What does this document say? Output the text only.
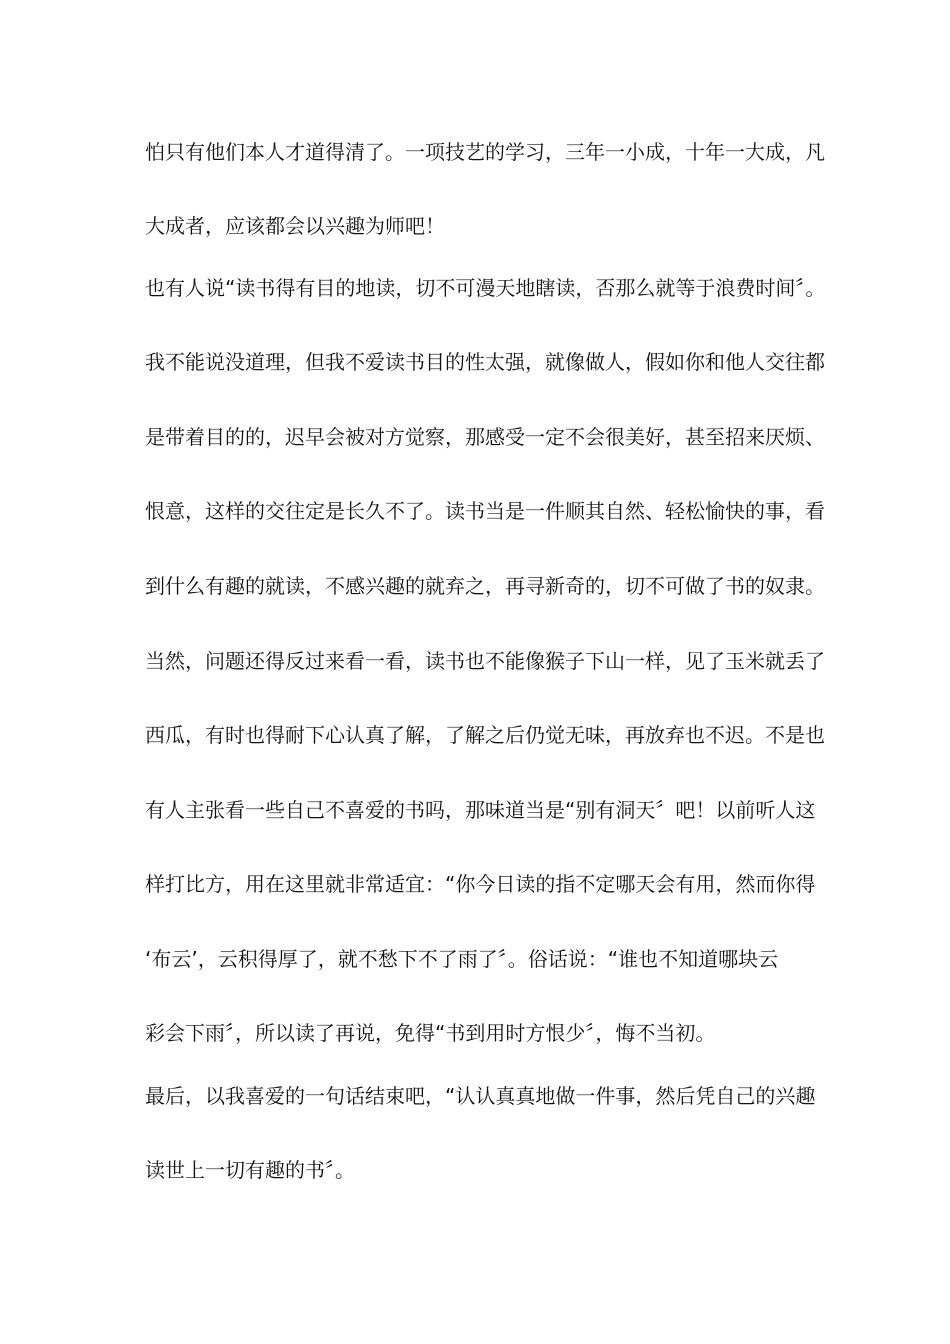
怕只有他们本人才道得清了。一项技艺的学习，三年一小成，十年一大成，凡
大成者，应该都会以兴趣为师吧！
也有人说“读书得有目的地读，切不可漫天地瞎读，否那么就等于浪费时间〞。
我不能说没道理，但我不爱读书目的性太强，就像做人，假如你和他人交往都
是带着目的的，迟早会被对方觉察，那感受一定不会很美好，甚至招来厌烦、
恨意，这样的交往定是长久不了。读书当是一件顺其自然、轻松愉快的事，看
到什么有趣的就读，不感兴趣的就弃之，再寻新奇的，切不可做了书的奴隶。
当然，问题还得反过来看一看，读书也不能像猴子下山一样，见了玉米就丢了
西瓜，有时也得耐下心认真了解，了解之后仍觉无味，再放弃也不迟。不是也
有人主张看一些自己不喜爱的书吗，那味道当是“别有洞天〞吧！以前听人这
样打比方，用在这里就非常适宜：“你今日读的指不定哪天会有用，然而你得
‘布云’，云积得厚了，就不愁下不了雨了〞。俗话说：“谁也不知道哪块云
彩会下雨〞，所以读了再说，免得“书到用时方恨少〞，悔不当初。
最后，以我喜爱的一句话结束吧，“认认真真地做一件事，然后凭自己的兴趣
读世上一切有趣的书〞。
